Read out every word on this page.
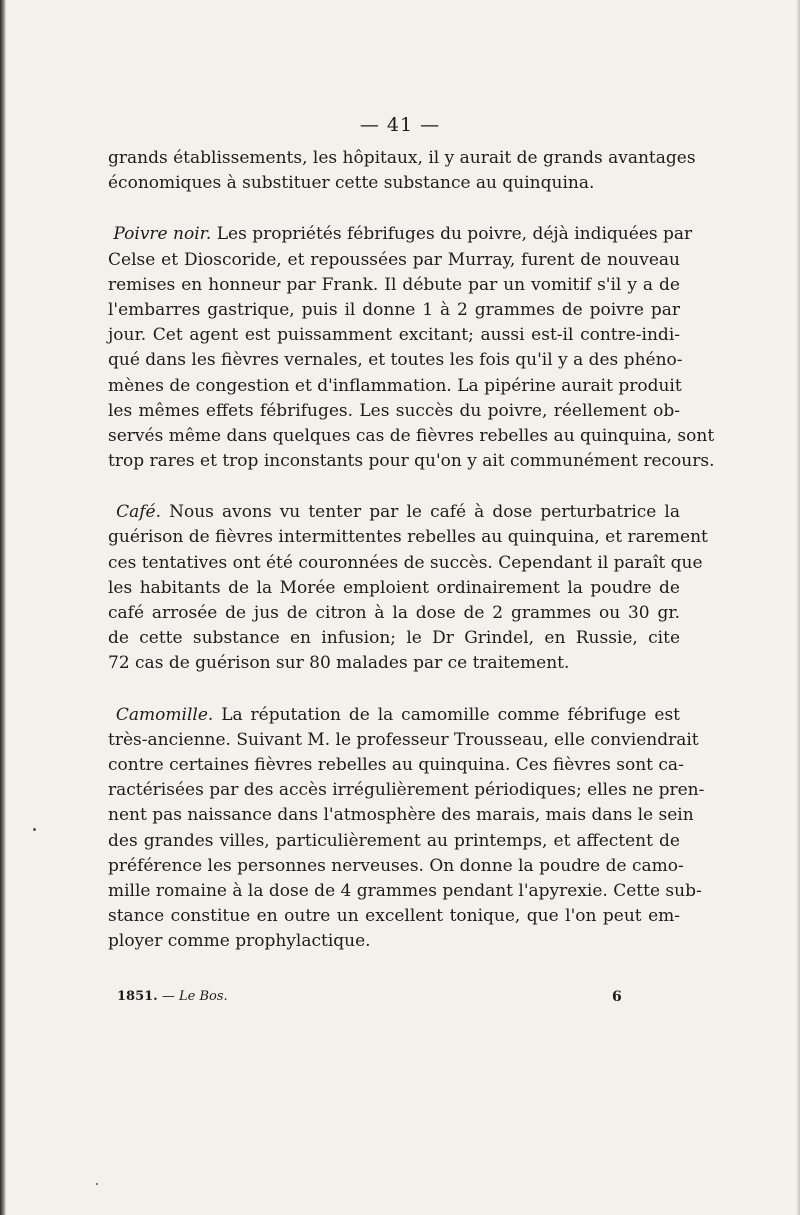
— 41 —
grands établissements, les hôpitaux, il y aurait de grands avantages
économiques à substituer cette substance au quinquina.
Poivre noir. Les propriétés fébrifuges du poivre, déjà indiquées par
Celse et Dioscoride, et repoussées par Murray, furent de nouveau
remises en honneur par Frank. Il débute par un vomitif s'il y a de
l'embarres gastrique, puis il donne 1 à 2 grammes de poivre par
jour. Cet agent est puissamment excitant; aussi est-il contre-indi-
qué dans les fièvres vernales, et toutes les fois qu'il y a des phéno-
mènes de congestion et d'inflammation. La pipérine aurait produit
les mêmes effets fébrifuges. Les succès du poivre, réellement ob-
servés même dans quelques cas de fièvres rebelles au quinquina, sont
trop rares et trop inconstants pour qu'on y ait communément recours.
Café. Nous avons vu tenter par le café à dose perturbatrice la
guérison de fièvres intermittentes rebelles au quinquina, et rarement
ces tentatives ont été couronnées de succès. Cependant il paraît que
les habitants de la Morée emploient ordinairement la poudre de
café arrosée de jus de citron à la dose de 2 grammes ou 30 gr.
de cette substance en infusion; le Dr Grindel, en Russie, cite
72 cas de guérison sur 80 malades par ce traitement.
Camomille. La réputation de la camomille comme fébrifuge est
très-ancienne. Suivant M. le professeur Trousseau, elle conviendrait
contre certaines fièvres rebelles au quinquina. Ces fièvres sont ca-
ractérisées par des accès irrégulièrement périodiques; elles ne pren-
nent pas naissance dans l'atmosphère des marais, mais dans le sein
des grandes villes, particulièrement au printemps, et affectent de
préférence les personnes nerveuses. On donne la poudre de camo-
mille romaine à la dose de 4 grammes pendant l'apyrexie. Cette sub-
stance constitue en outre un excellent tonique, que l'on peut em-
ployer comme prophylactique.
1851. — Le Bos.	6
